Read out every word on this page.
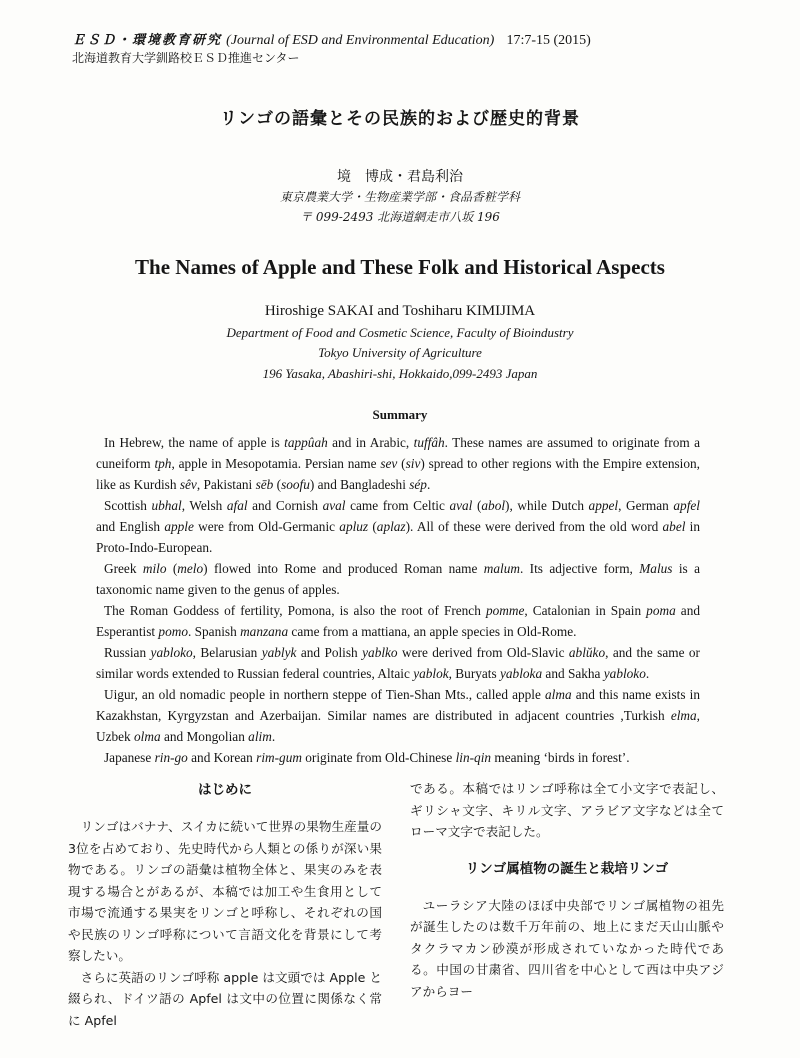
ＥＳＤ・環境教育研究 (Journal of ESD and Environmental Education) 17:7-15 (2015)
北海道教育大学釧路校ＥＳＤ推進センター
リンゴの語彙とその民族的および歴史的背景
境　博成・君島利治
東京農業大学・生物産業学部・食品香粧学科
〒 099-2493 北海道網走市八坂 196
The Names of Apple and These Folk and Historical Aspects
Hiroshige SAKAI and Toshiharu KIMIJIMA
Department of Food and Cosmetic Science, Faculty of Bioindustry
Tokyo University of Agriculture
196 Yasaka, Abashiri-shi, Hokkaido,099-2493 Japan
Summary

In Hebrew, the name of apple is tappûah and in Arabic, tuffâh. These names are assumed to originate from a cuneiform tph, apple in Mesopotamia. Persian name sev (siv) spread to other regions with the Empire extension, like as Kurdish sêv, Pakistani sēb (soofu) and Bangladeshi sép.

Scottish ubhal, Welsh afal and Cornish aval came from Celtic aval (abol), while Dutch appel, German apfel and English apple were from Old-Germanic apluz (aplaz). All of these were derived from the old word abel in Proto-Indo-European.

Greek milo (melo) flowed into Rome and produced Roman name malum. Its adjective form, Malus is a taxonomic name given to the genus of apples.

The Roman Goddess of fertility, Pomona, is also the root of French pomme, Catalonian in Spain poma and Esperantist pomo. Spanish manzana came from a mattiana, an apple species in Old-Rome.

Russian yabloko, Belarusian yablyk and Polish yablko were derived from Old-Slavic ablŭko, and the same or similar words extended to Russian federal countries, Altaic yablok, Buryats yabloka and Sakha yabloko.

Uigur, an old nomadic people in northern steppe of Tien-Shan Mts., called apple alma and this name exists in Kazakhstan, Kyrgyzstan and Azerbaijan. Similar names are distributed in adjacent countries ,Turkish elma, Uzbek olma and Mongolian alim.

Japanese rin-go and Korean rim-gum originate from Old-Chinese lin-qin meaning ‘birds in forest’.

はじめに

リンゴはバナナ、スイカに続いて世界の果物生産量の3位を占めており、先史時代から人類との係りが深い果物である。リンゴの語彙は植物全体と、果実のみを表現する場合とがあるが、本稿では加工や生食用として市場で流通する果実をリンゴと呼称し、それぞれの国や民族のリンゴ呼称について言語文化を背景にして考察したい。

さらに英語のリンゴ呼称 apple は文頭では Apple と綴られ、ドイツ語の Apfel は文中の位置に関係なく常に Apfel

である。本稿ではリンゴ呼称は全て小文字で表記し、ギリシャ文字、キリル文字、アラビア文字などは全てローマ文字で表記した。

リンゴ属植物の誕生と栽培リンゴ

ユーラシア大陸のほぼ中央部でリンゴ属植物の祖先が誕生したのは数千万年前の、地上にまだ天山山脈やタクラマカン砂漠が形成されていなかった時代である。中国の甘粛省、四川省を中心として西は中央アジアからヨー
